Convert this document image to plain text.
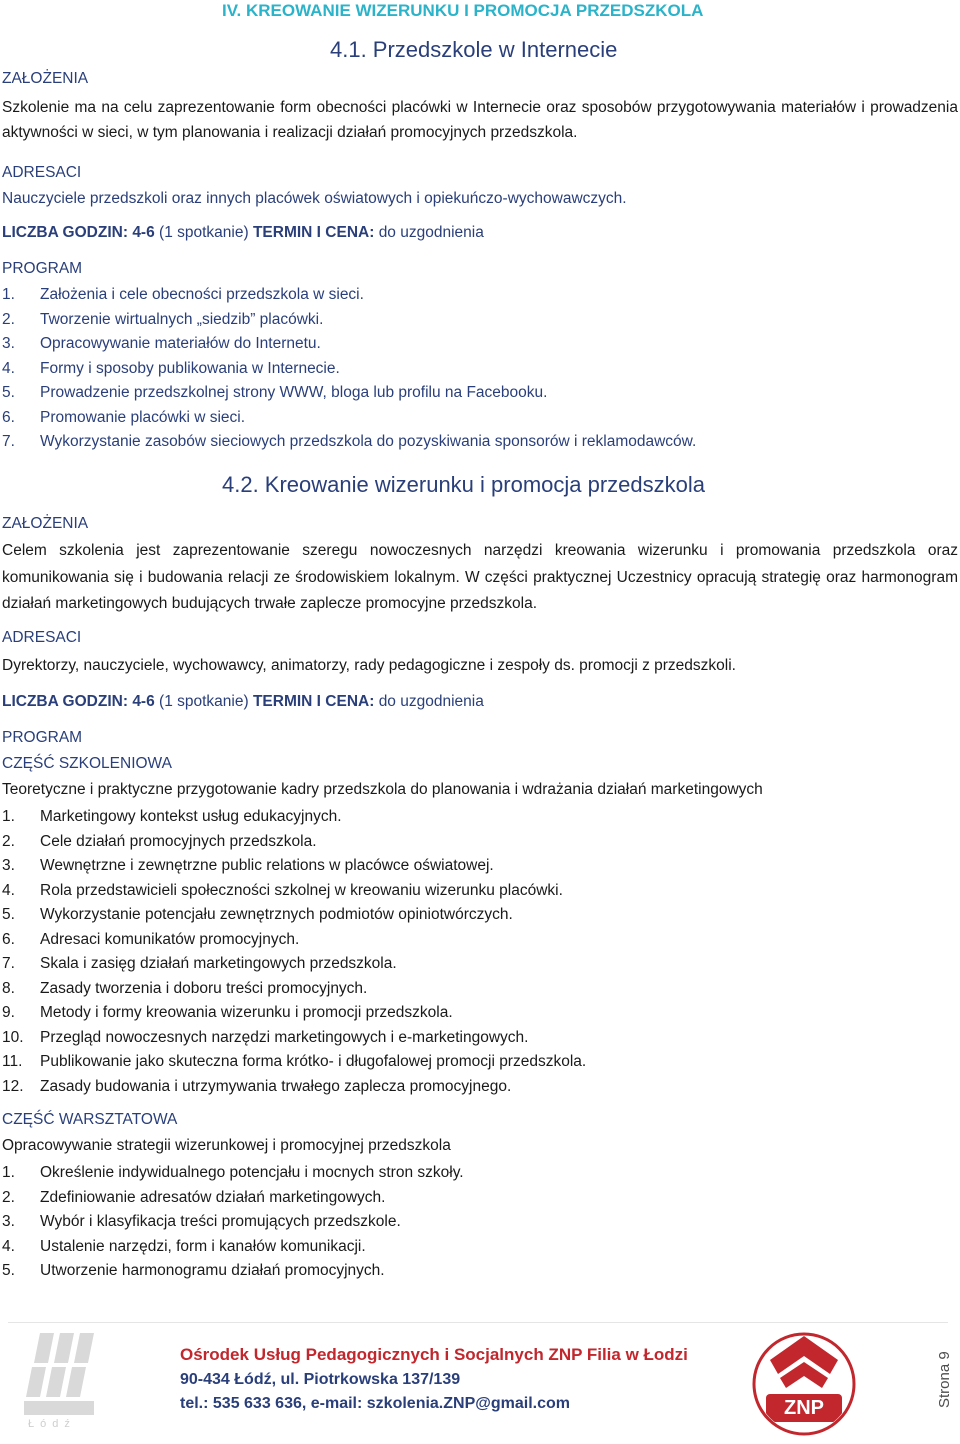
IV. KREOWANIE WIZERUNKU I PROMOCJA PRZEDSZKOLA
4.1. Przedszkole w Internecie
ZAŁOŻENIA
Szkolenie ma na celu zaprezentowanie form obecności placówki w Internecie oraz sposobów przygotowywania materiałów i prowadzenia aktywności w sieci, w tym planowania i realizacji działań promocyjnych przedszkola.
ADRESACI
Nauczyciele przedszkoli oraz innych placówek oświatowych i opiekuńczo-wychowawczych.
LICZBA GODZIN: 4-6 (1 spotkanie) TERMIN I CENA: do uzgodnienia
PROGRAM
1.	Założenia i cele obecności przedszkola w sieci.
2.	Tworzenie wirtualnych „siedzib” placówki.
3.	Opracowywanie materiałów do Internetu.
4.	Formy i sposoby publikowania w Internecie.
5.	Prowadzenie przedszkolnej strony WWW, bloga lub profilu na Facebooku.
6.	Promowanie placówki w sieci.
7.	Wykorzystanie zasobów sieciowych przedszkola do pozyskiwania sponsorów i reklamodawców.
4.2. Kreowanie wizerunku i promocja przedszkola
ZAŁOŻENIA
Celem szkolenia jest zaprezentowanie szeregu nowoczesnych narzędzi kreowania wizerunku i promowania przedszkola oraz komunikowania się i budowania relacji ze środowiskiem lokalnym. W części praktycznej Uczestnicy opracują strategię oraz harmonogram działań marketingowych budujących trwałe zaplecze promocyjne przedszkola.
ADRESACI
Dyrektorzy, nauczyciele, wychowawcy, animatorzy, rady pedagogiczne i zespoły ds. promocji z przedszkoli.
LICZBA GODZIN: 4-6 (1 spotkanie) TERMIN I CENA: do uzgodnienia
PROGRAM
CZĘŚĆ SZKOLENIOWA
Teoretyczne i praktyczne przygotowanie kadry przedszkola do planowania i wdrażania działań marketingowych
1.	Marketingowy kontekst usług edukacyjnych.
2.	Cele działań promocyjnych przedszkola.
3.	Wewnętrzne i zewnętrzne public relations w placówce oświatowej.
4.	Rola przedstawicieli społeczności szkolnej w kreowaniu wizerunku placówki.
5.	Wykorzystanie potencjału zewnętrznych podmiotów opiniotwórczych.
6.	Adresaci komunikatów promocyjnych.
7.	Skala i zasięg działań marketingowych przedszkola.
8.	Zasady tworzenia i doboru treści promocyjnych.
9.	Metody i formy kreowania wizerunku i promocji przedszkola.
10.	Przegląd nowoczesnych narzędzi marketingowych i e-marketingowych.
11.	Publikowanie jako skuteczna forma krótko- i długofalowej promocji przedszkola.
12.	Zasady budowania i utrzymywania trwałego zaplecza promocyjnego.
CZĘŚĆ WARSZTATOWA
Opracowywanie strategii wizerunkowej i promocyjnej przedszkola
1.	Określenie indywidualnego potencjału i mocnych stron szkoły.
2.	Zdefiniowanie adresatów działań marketingowych.
3.	Wybór i klasyfikacja treści promujących przedszkole.
4.	Ustalenie narzędzi, form i kanałów komunikacji.
5.	Utworzenie harmonogramu działań promocyjnych.
Łódź
ZNP
Ośrodek Usług Pedagogicznych i Socjalnych ZNP Filia w Łodzi
90-434 Łódź, ul. Piotrkowska 137/139
tel.: 535 633 636, e-mail: szkolenia.ZNP@gmail.com	Strona 9
